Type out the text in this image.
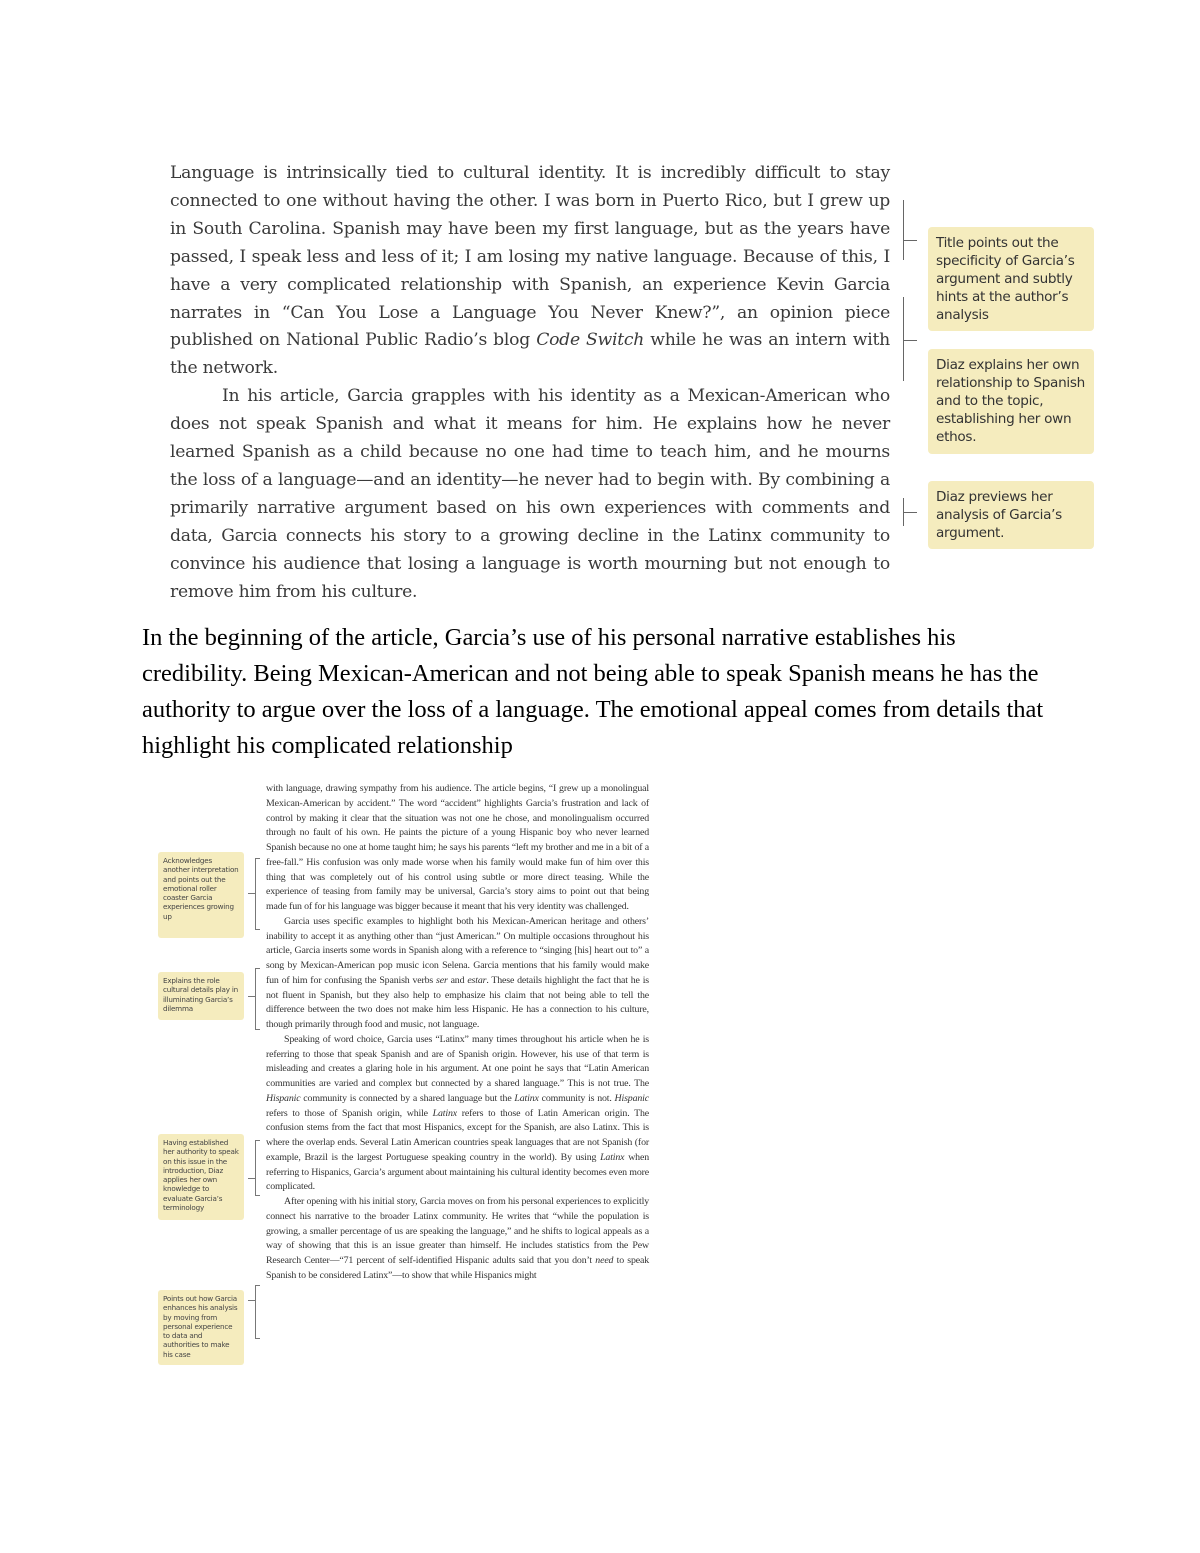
Language is intrinsically tied to cultural identity. It is incredibly difficult to stay connected to one without having the other. I was born in Puerto Rico, but I grew up in South Carolina. Spanish may have been my first language, but as the years have passed, I speak less and less of it; I am losing my native language. Because of this, I have a very complicated relationship with Spanish, an experience Kevin Garcia narrates in “Can You Lose a Language You Never Knew?”, an opinion piece published on National Public Radio’s blog Code Switch while he was an intern with the network.

In his article, Garcia grapples with his identity as a Mexican-American who does not speak Spanish and what it means for him. He explains how he never learned Spanish as a child because no one had time to teach him, and he mourns the loss of a language—and an identity—he never had to begin with. By combining a primarily narrative argument based on his own experiences with comments and data, Garcia connects his story to a growing decline in the Latinx community to convince his audience that losing a language is worth mourning but not enough to remove him from his culture.

Title points out the specificity of Garcia’s argument and subtly hints at the author’s analysis
Diaz explains her own relationship to Spanish and to the topic, establishing her own ethos.
Diaz previews her analysis of Garcia’s argument.
In the beginning of the article, Garcia’s use of his personal narrative establishes his credibility. Being Mexican-American and not being able to speak Spanish means he has the authority to argue over the loss of a language. The emotional appeal comes from details that highlight his complicated relationship

with language, drawing sympathy from his audience. The article begins, “I grew up a monolingual Mexican-American by accident.” The word “accident” highlights Garcia’s frustration and lack of control by making it clear that the situation was not one he chose, and monolingualism occurred through no fault of his own. He paints the picture of a young Hispanic boy who never learned Spanish because no one at home taught him; he says his parents “left my brother and me in a bit of a free-fall.” His confusion was only made worse when his family would make fun of him over this thing that was completely out of his control using subtle or more direct teasing. While the experience of teasing from family may be universal, Garcia’s story aims to point out that being made fun of for his language was bigger because it meant that his very identity was challenged.

Garcia uses specific examples to highlight both his Mexican-American heritage and others’ inability to accept it as anything other than “just American.” On multiple occasions throughout his article, Garcia inserts some words in Spanish along with a reference to “singing [his] heart out to” a song by Mexican-American pop music icon Selena. Garcia mentions that his family would make fun of him for confusing the Spanish verbs ser and estar. These details highlight the fact that he is not fluent in Spanish, but they also help to emphasize his claim that not being able to tell the difference between the two does not make him less Hispanic. He has a connection to his culture, though primarily through food and music, not language.

Speaking of word choice, Garcia uses “Latinx” many times throughout his article when he is referring to those that speak Spanish and are of Spanish origin. However, his use of that term is misleading and creates a glaring hole in his argument. At one point he says that “Latin American communities are varied and complex but connected by a shared language.” This is not true. The Hispanic community is connected by a shared language but the Latinx community is not. Hispanic refers to those of Spanish origin, while Latinx refers to those of Latin American origin. The confusion stems from the fact that most Hispanics, except for the Spanish, are also Latinx. This is where the overlap ends. Several Latin American countries speak languages that are not Spanish (for example, Brazil is the largest Portuguese speaking country in the world). By using Latinx when referring to Hispanics, Garcia’s argument about maintaining his cultural identity becomes even more complicated.

After opening with his initial story, Garcia moves on from his personal experiences to explicitly connect his narrative to the broader Latinx community. He writes that “while the population is growing, a smaller percentage of us are speaking the language,” and he shifts to logical appeals as a way of showing that this is an issue greater than himself. He includes statistics from the Pew Research Center—“71 percent of self-identified Hispanic adults said that you don’t need to speak Spanish to be considered Latinx”—to show that while Hispanics might

Acknowledges another interpretation and points out the emotional roller coaster Garcia experiences growing up
Explains the role cultural details play in illuminating Garcia’s dilemma
Having established her authority to speak on this issue in the introduction, Diaz applies her own knowledge to evaluate Garcia’s terminology
Points out how Garcia enhances his analysis by moving from personal experience to data and authorities to make his case
